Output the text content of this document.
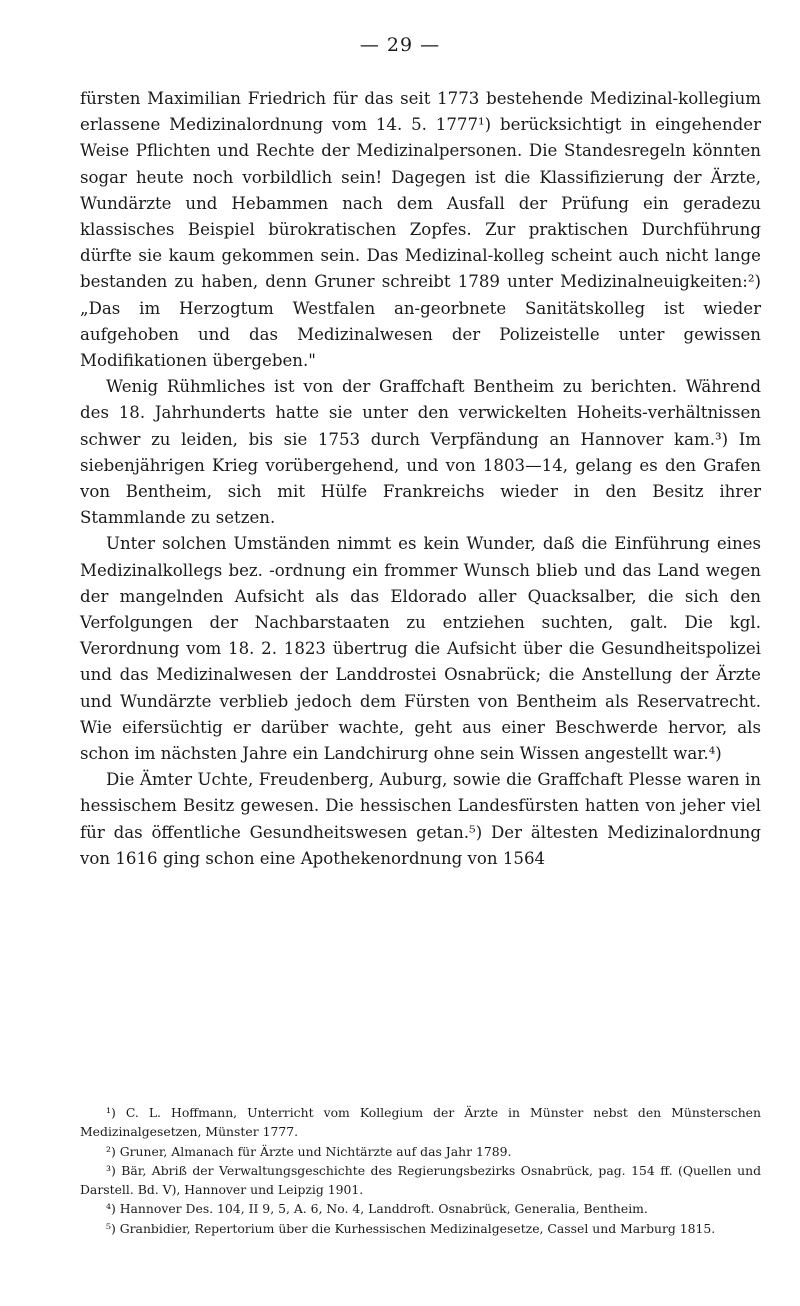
— 29 —

fürsten Maximilian Friedrich für das seit 1773 bestehende Medizinal-kollegium erlassene Medizinalordnung vom 14. 5. 1777¹) berücksichtigt in eingehender Weise Pflichten und Rechte der Medizinalpersonen. Die Standesregeln könnten sogar heute noch vorbildlich sein! Dagegen ist die Klassifizierung der Ärzte, Wundärzte und Hebammen nach dem Ausfall der Prüfung ein geradezu klassisches Beispiel bürokratischen Zopfes. Zur praktischen Durchführung dürfte sie kaum gekommen sein. Das Medizinal-kolleg scheint auch nicht lange bestanden zu haben, denn Gruner schreibt 1789 unter Medizinalneuigkeiten:²) „Das im Herzogtum Westfalen an-georbnete Sanitätskolleg ist wieder aufgehoben und das Medizinalwesen der Polizeistelle unter gewissen Modifikationen übergeben."

Wenig Rühmliches ist von der Graffchaft Bentheim zu berichten. Während des 18. Jahrhunderts hatte sie unter den verwickelten Hoheits-verhältnissen schwer zu leiden, bis sie 1753 durch Verpfändung an Hannover kam.³) Im siebenjährigen Krieg vorübergehend, und von 1803—14, gelang es den Grafen von Bentheim, sich mit Hülfe Frankreichs wieder in den Besitz ihrer Stammlande zu setzen.

Unter solchen Umständen nimmt es kein Wunder, daß die Einführung eines Medizinalkollegs bez. -ordnung ein frommer Wunsch blieb und das Land wegen der mangelnden Aufsicht als das Eldorado aller Quacksalber, die sich den Verfolgungen der Nachbarstaaten zu entziehen suchten, galt. Die kgl. Verordnung vom 18. 2. 1823 übertrug die Aufsicht über die Gesundheitspolizei und das Medizinalwesen der Landdrostei Osnabrück; die Anstellung der Ärzte und Wundärzte verblieb jedoch dem Fürsten von Bentheim als Reservatrecht. Wie eifersüchtig er darüber wachte, geht aus einer Beschwerde hervor, als schon im nächsten Jahre ein Landchirurg ohne sein Wissen angestellt war.⁴)

Die Ämter Uchte, Freudenberg, Auburg, sowie die Graffchaft Plesse waren in hessischem Besitz gewesen. Die hessischen Landesfürsten hatten von jeher viel für das öffentliche Gesundheitswesen getan.⁵) Der ältesten Medizinalordnung von 1616 ging schon eine Apothekenordnung von 1564

¹) C. L. Hoffmann, Unterricht vom Kollegium der Ärzte in Münster nebst den Münsterschen Medizinalgesetzen, Münster 1777.

²) Gruner, Almanach für Ärzte und Nichtärzte auf das Jahr 1789.

³) Bär, Abriß der Verwaltungsgeschichte des Regierungsbezirks Osnabrück, pag. 154 ff. (Quellen und Darstell. Bd. V), Hannover und Leipzig 1901.

⁴) Hannover Des. 104, II 9, 5, A. 6, No. 4, Landdroft. Osnabrück, Generalia, Bentheim.

⁵) Granbidier, Repertorium über die Kurhessischen Medizinalgesetze, Cassel und Marburg 1815.
